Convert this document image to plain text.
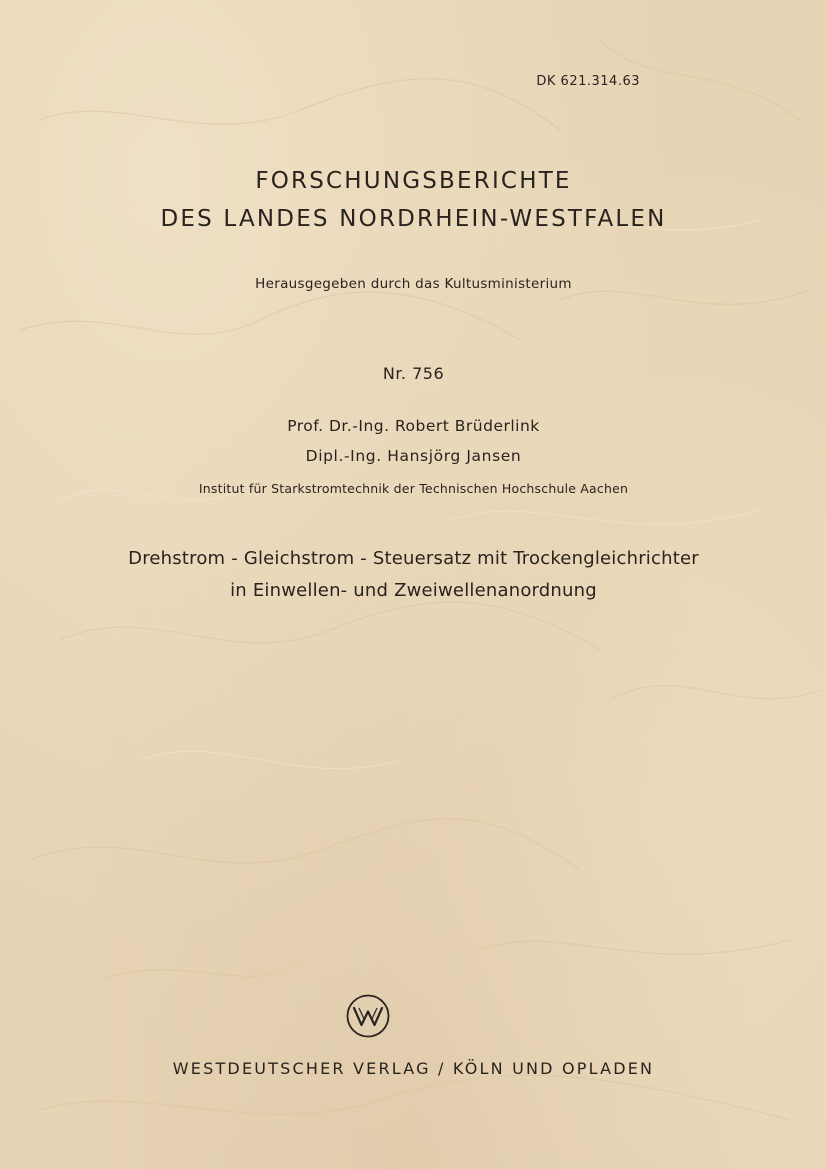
DK 621.314.63
FORSCHUNGSBERICHTE
DES LANDES NORDRHEIN-WESTFALEN
Herausgegeben durch das Kultusministerium
Nr. 756
Prof. Dr.-Ing. Robert Brüderlink
Dipl.-Ing. Hansjörg Jansen
Institut für Starkstromtechnik der Technischen Hochschule Aachen
Drehstrom - Gleichstrom - Steuersatz mit Trockengleichrichter
in Einwellen- und Zweiwellenanordnung
WESTDEUTSCHER VERLAG / KÖLN UND OPLADEN
